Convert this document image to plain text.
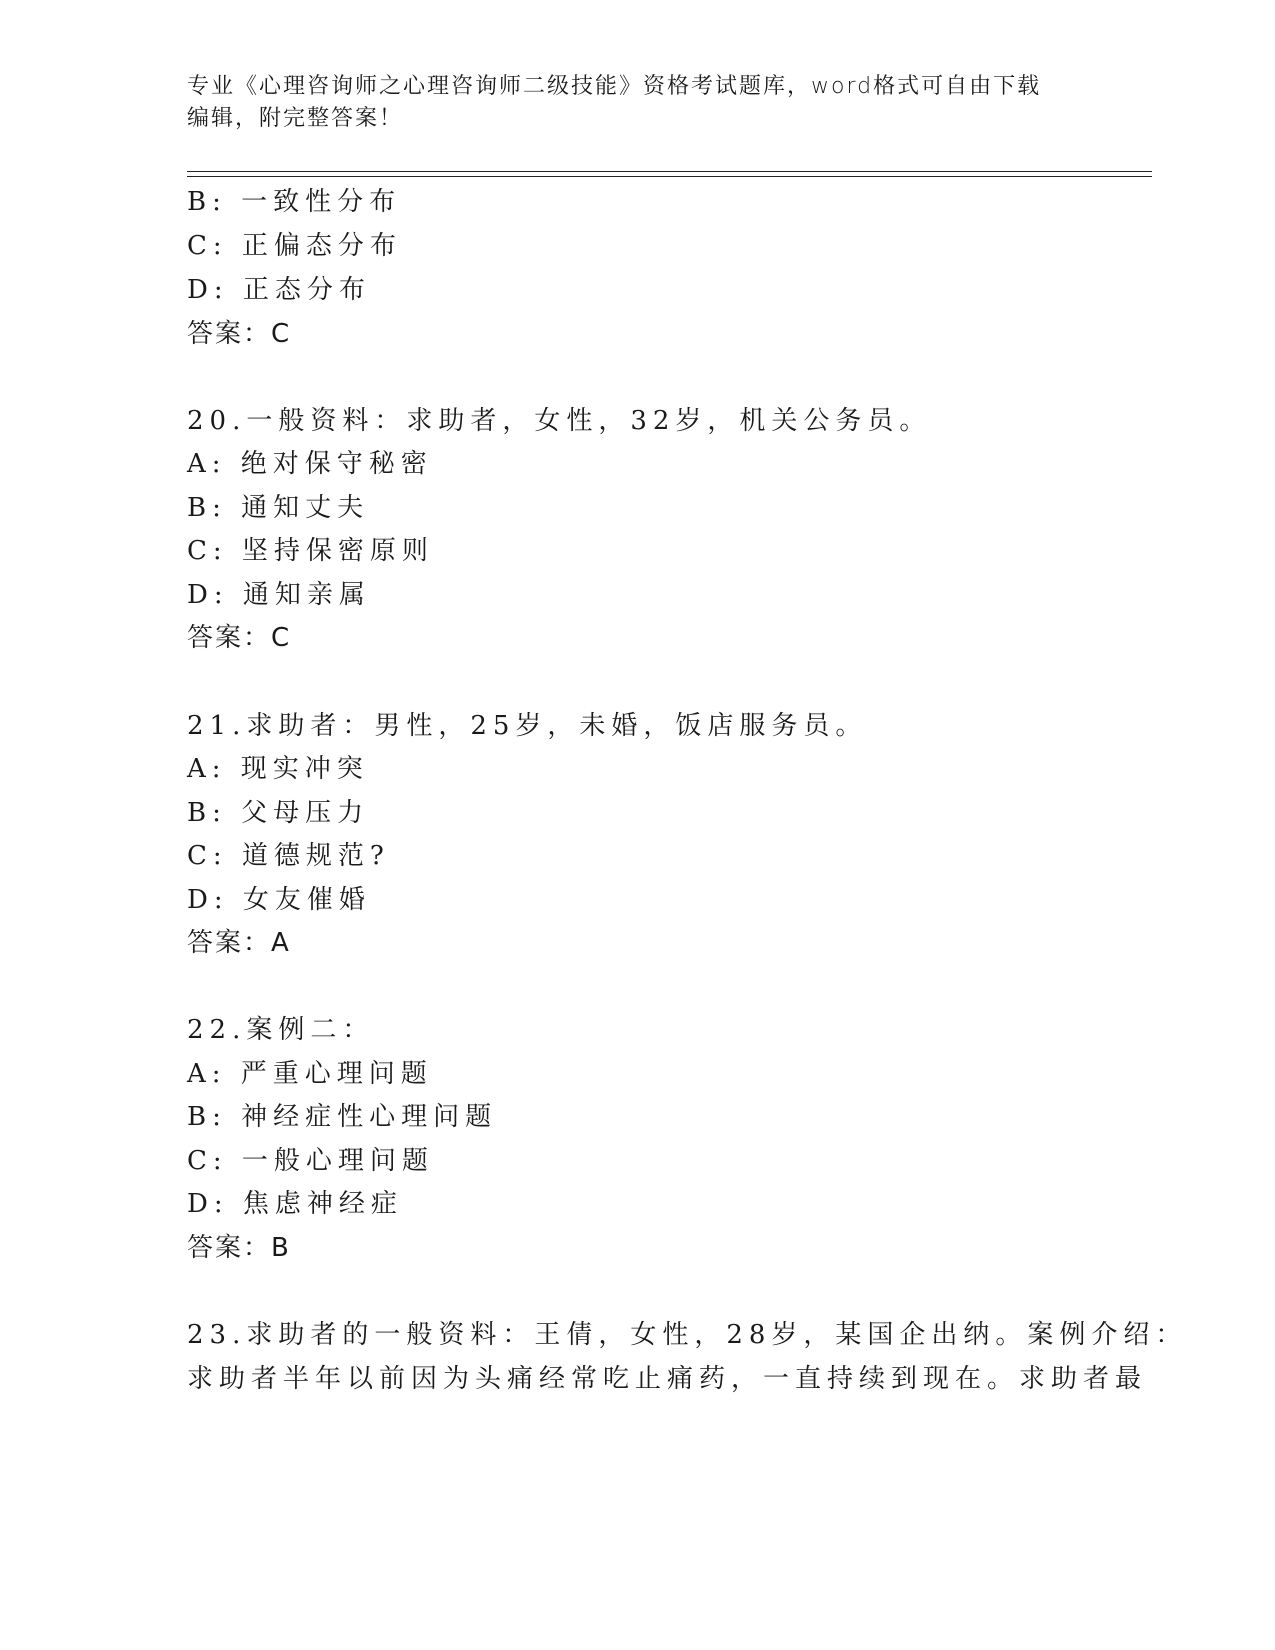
专业《心理咨询师之心理咨询师二级技能》资格考试题库，word格式可自由下载
编辑，附完整答案！
B: 一致性分布
C: 正偏态分布
D: 正态分布
答案：C
20.一般资料：求助者，女性，32岁，机关公务员。
A: 绝对保守秘密
B: 通知丈夫
C: 坚持保密原则
D: 通知亲属
答案：C
21.求助者：男性，25岁，未婚，饭店服务员。
A: 现实冲突
B: 父母压力
C: 道德规范?
D: 女友催婚
答案：A
22.案例二：
A: 严重心理问题
B: 神经症性心理问题
C: 一般心理问题
D: 焦虑神经症
答案：B
23.求助者的一般资料：王倩，女性，28岁，某国企出纳。案例介绍：
求助者半年以前因为头痛经常吃止痛药，一直持续到现在。求助者最
